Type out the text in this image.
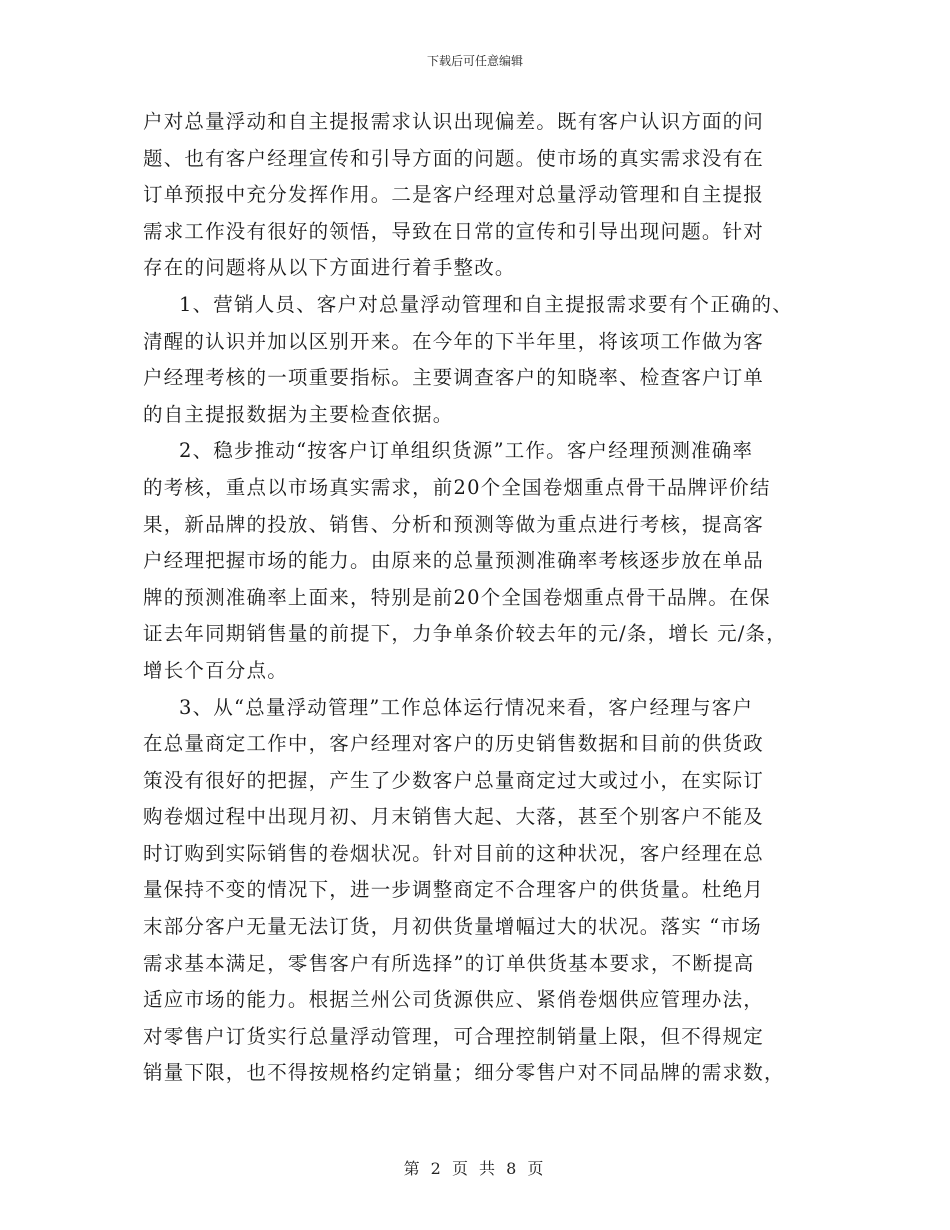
下载后可任意编辑
户对总量浮动和自主提报需求认识出现偏差。既有客户认识方面的问
题、也有客户经理宣传和引导方面的问题。使市场的真实需求没有在
订单预报中充分发挥作用。二是客户经理对总量浮动管理和自主提报
需求工作没有很好的领悟，导致在日常的宣传和引导出现问题。针对
存在的问题将从以下方面进行着手整改。
1、营销人员、客户对总量浮动管理和自主提报需求要有个正确的、
清醒的认识并加以区别开来。在今年的下半年里，将该项工作做为客
户经理考核的一项重要指标。主要调查客户的知晓率、检查客户订单
的自主提报数据为主要检查依据。
2、稳步推动“按客户订单组织货源”工作。客户经理预测准确率
的考核，重点以市场真实需求，前20个全国卷烟重点骨干品牌评价结
果，新品牌的投放、销售、分析和预测等做为重点进行考核，提高客
户经理把握市场的能力。由原来的总量预测准确率考核逐步放在单品
牌的预测准确率上面来，特别是前20个全国卷烟重点骨干品牌。在保
证去年同期销售量的前提下，力争单条价较去年的元/条，增长 元/条，
增长个百分点。
3、从“总量浮动管理”工作总体运行情况来看，客户经理与客户
在总量商定工作中，客户经理对客户的历史销售数据和目前的供货政
策没有很好的把握，产生了少数客户总量商定过大或过小，在实际订
购卷烟过程中出现月初、月末销售大起、大落，甚至个别客户不能及
时订购到实际销售的卷烟状况。针对目前的这种状况，客户经理在总
量保持不变的情况下，进一步调整商定不合理客户的供货量。杜绝月
末部分客户无量无法订货，月初供货量增幅过大的状况。落实 “市场
需求基本满足，零售客户有所选择”的订单供货基本要求，不断提高
适应市场的能力。根据兰州公司货源供应、紧俏卷烟供应管理办法，
对零售户订货实行总量浮动管理，可合理控制销量上限，但不得规定
销量下限，也不得按规格约定销量；细分零售户对不同品牌的需求数，
第 2 页 共 8 页
